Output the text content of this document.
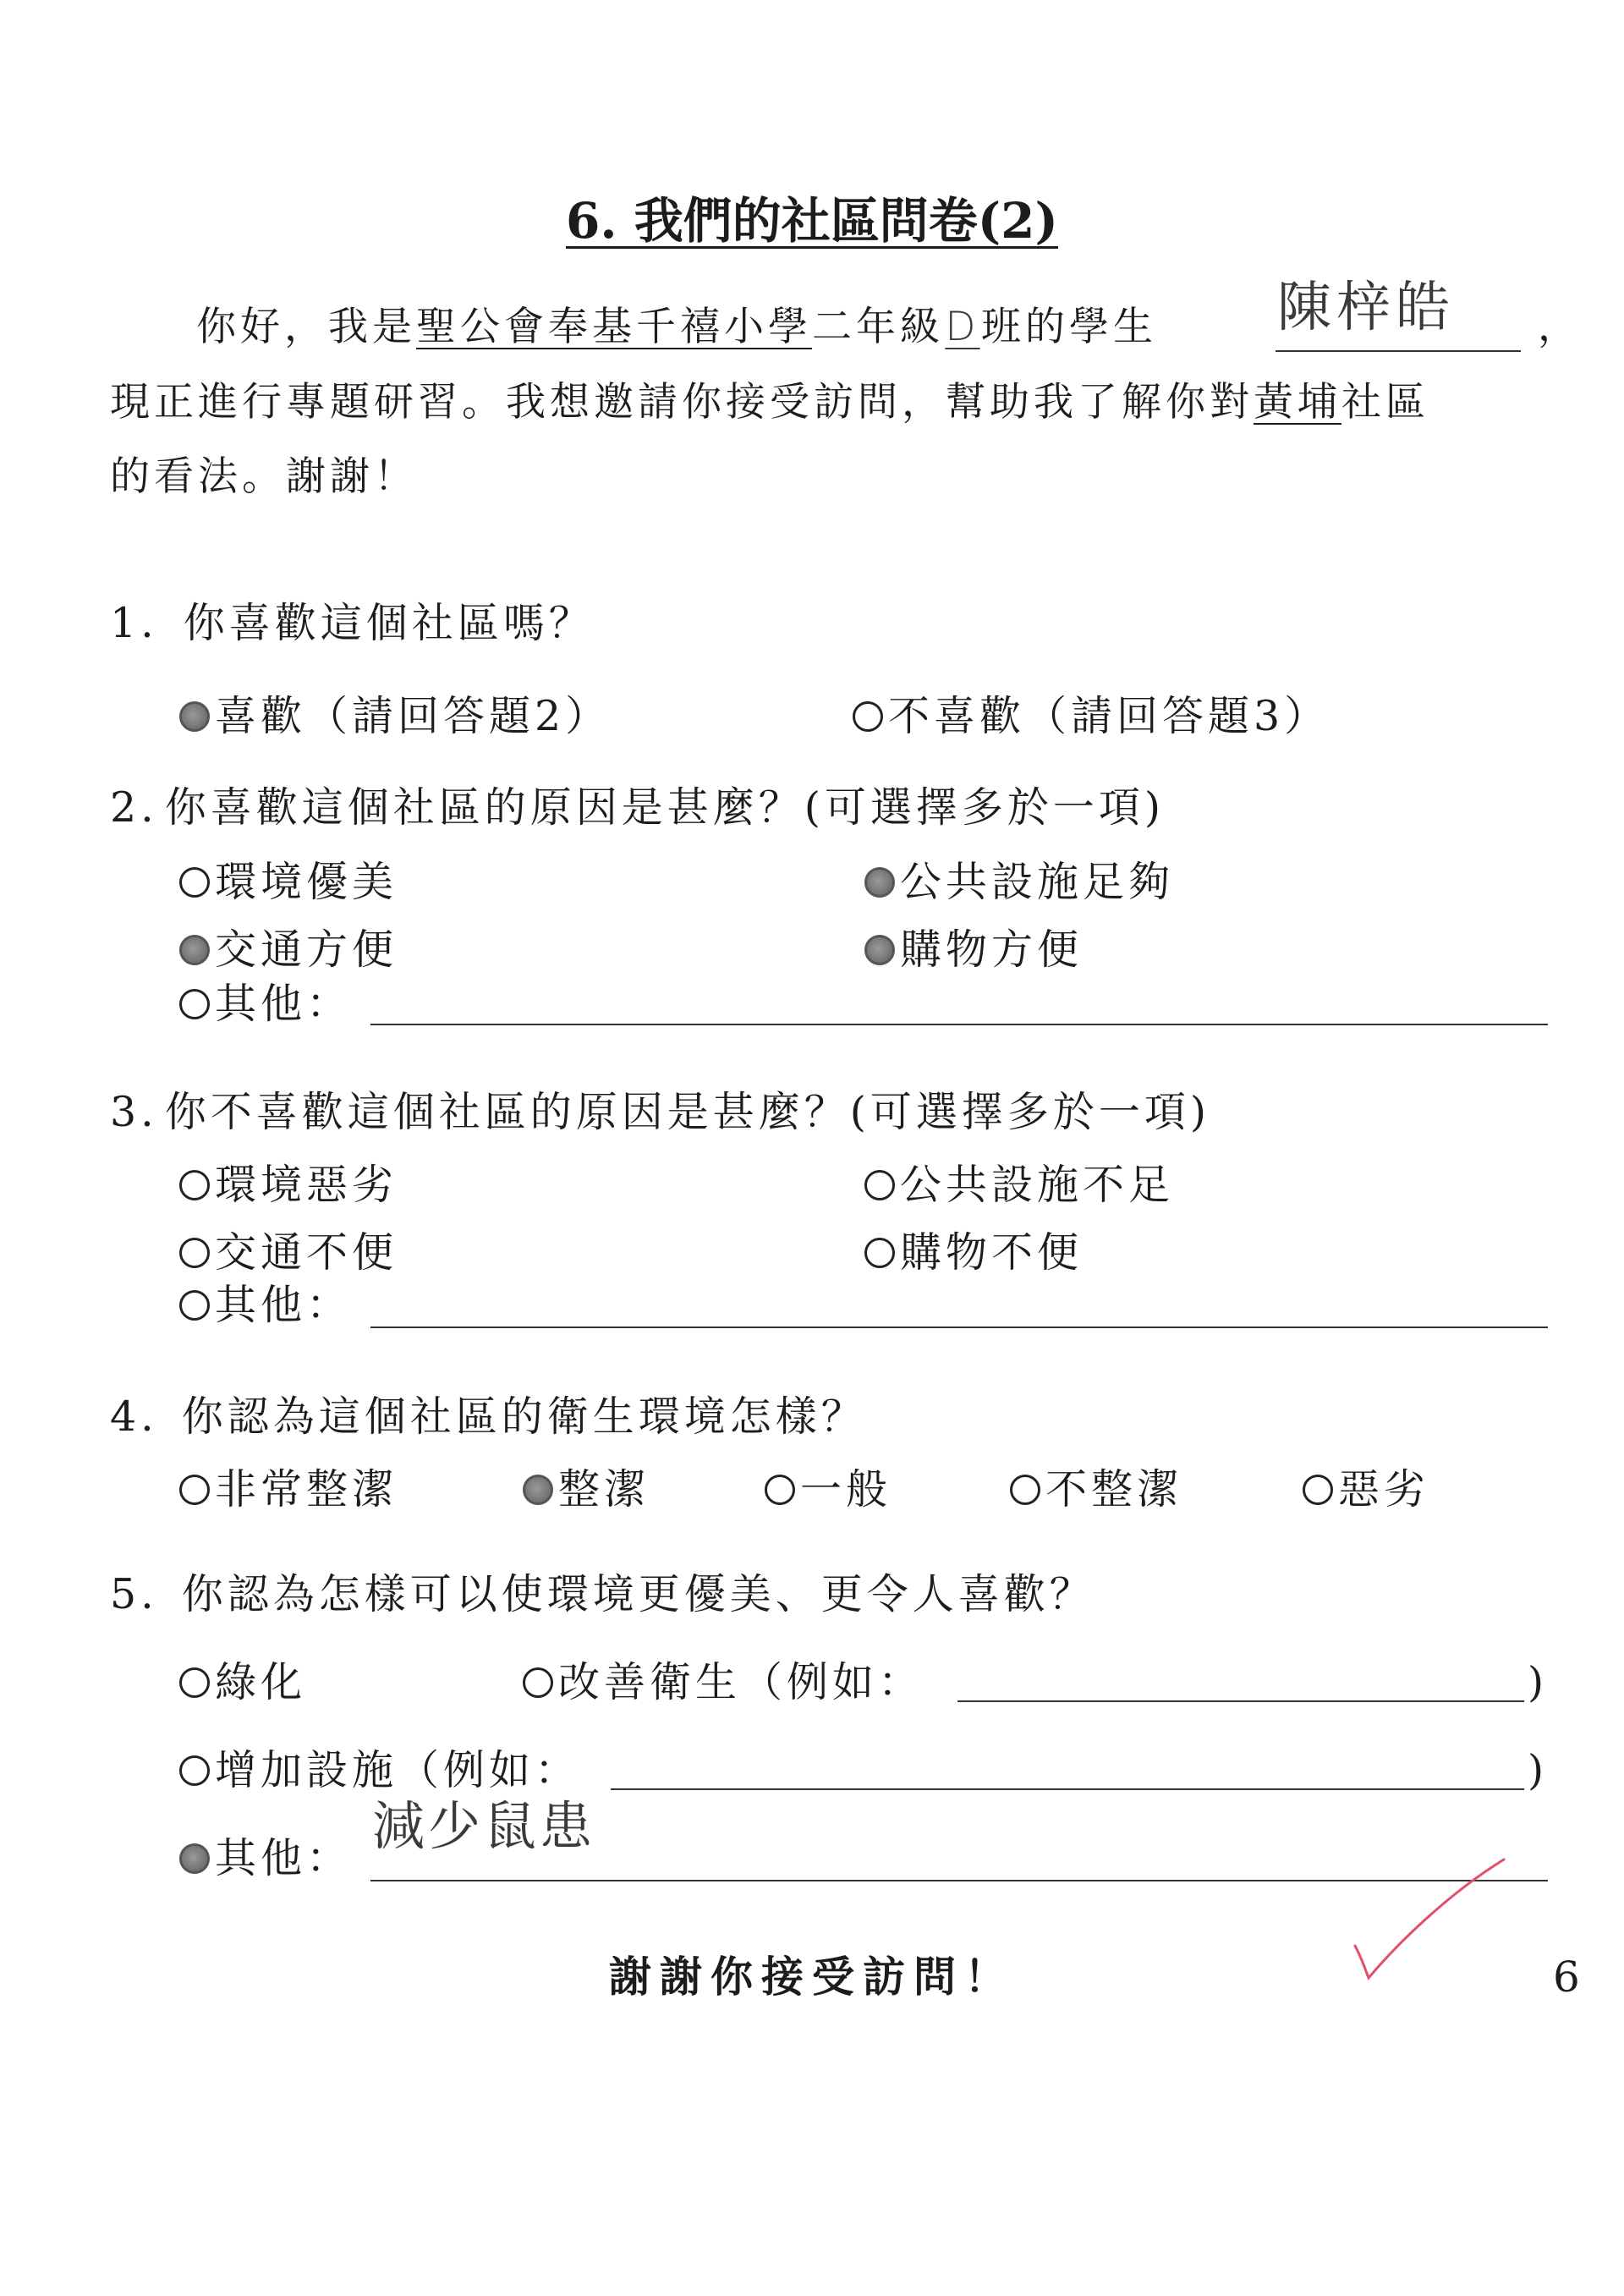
6. 我們的社區問卷(2)
你好，我是聖公會奉基千禧小學二年級D班的學生 陳梓皓 ，
現正進行專題研習。我想邀請你接受訪問，幫助我了解你對黃埔社區
的看法。謝謝！
1. 你喜歡這個社區嗎？
喜歡（請回答題2）	不喜歡（請回答題3）
2. 你喜歡這個社區的原因是甚麼？(可選擇多於一項)
環境優美	公共設施足夠
交通方便	購物方便
其他：
3. 你不喜歡這個社區的原因是甚麼？(可選擇多於一項)
環境惡劣	公共設施不足
交通不便	購物不便
其他：
4. 你認為這個社區的衛生環境怎樣？
非常整潔	整潔	一般	不整潔	惡劣
5. 你認為怎樣可以使環境更優美、更令人喜歡？
綠化	改善衛生（例如：	)
增加設施（例如：	)
其他：
減少鼠患
謝謝你接受訪問！	6
